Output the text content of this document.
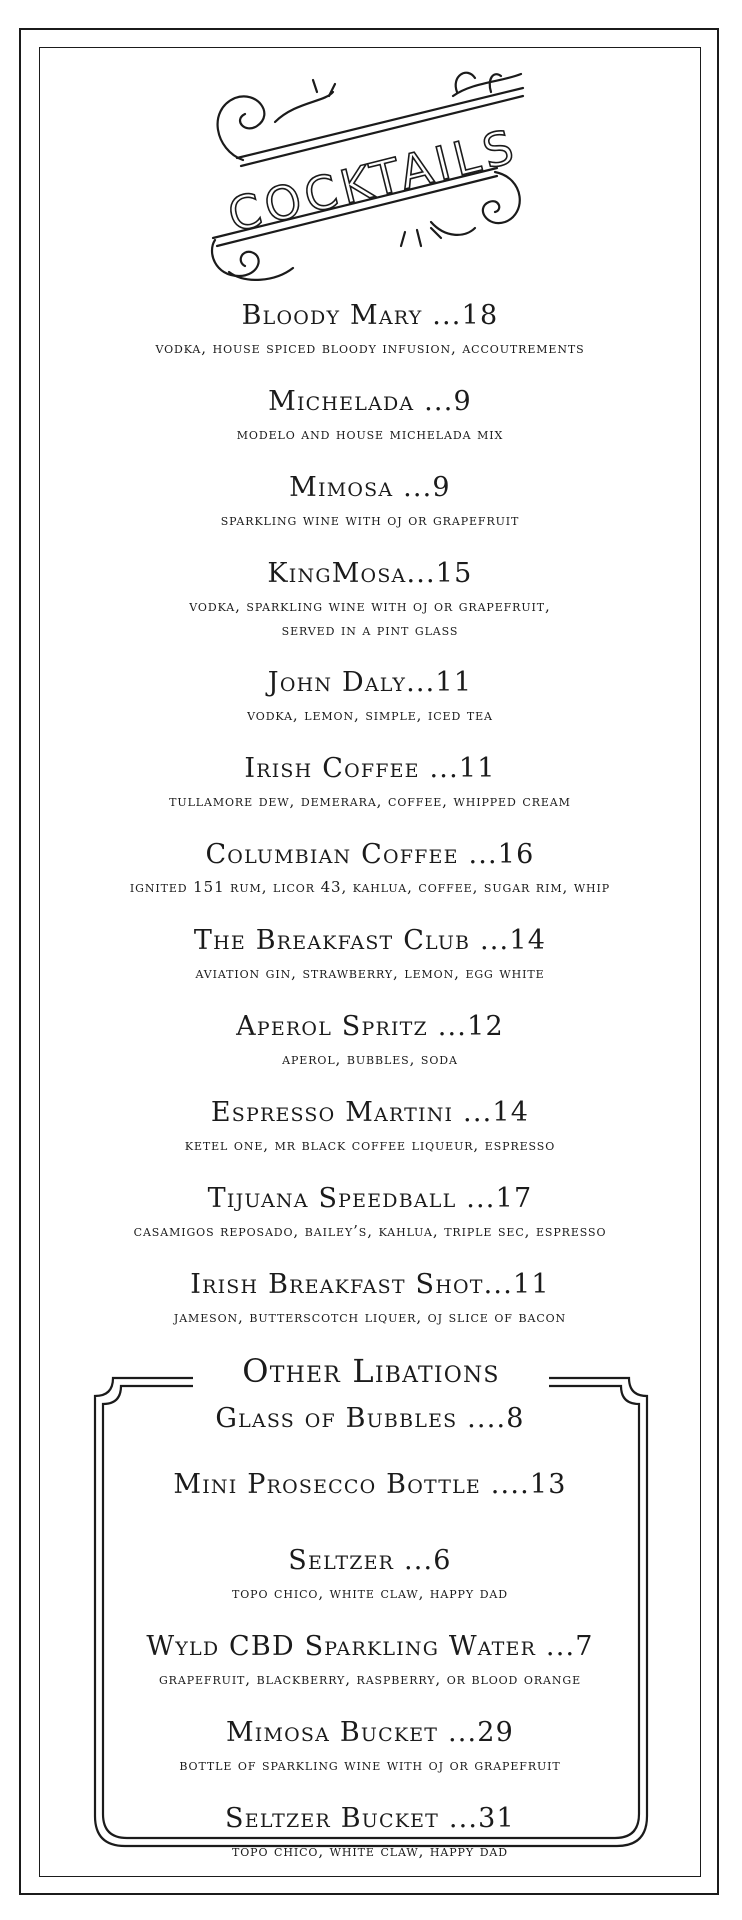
COCKTAILS
Bloody Mary ...18

vodka, house spiced bloody infusion, accoutrements

Michelada ...9

modelo and house michelada mix

Mimosa ...9

sparkling wine with oj or grapefruit

KingMosa...15

vodka, sparkling wine with oj or grapefruit,

served in a pint glass

John Daly...11

vodka, lemon, simple, iced tea

Irish Coffee ...11

tullamore dew, demerara, coffee, whipped cream

Columbian Coffee ...16

ignited 151 rum, licor 43, kahlua, coffee, sugar rim, whip

The Breakfast Club ...14

aviation gin, strawberry, lemon, egg white

Aperol Spritz ...12

aperol, bubbles, soda

Espresso Martini ...14

ketel one, mr black coffee liqueur, espresso

Tijuana Speedball ...17

casamigos reposado, bailey’s, kahlua, triple sec, espresso

Irish Breakfast Shot...11

jameson, butterscotch liquer, oj slice of bacon

Other Libations
Glass of Bubbles ....8
Mini Prosecco Bottle ....13
Seltzer ...6

topo chico, white claw, happy dad

Wyld CBD Sparkling Water ...7

grapefruit, blackberry, raspberry, or blood orange

Mimosa Bucket ...29

bottle of sparkling wine with oj or grapefruit

Seltzer Bucket ...31

topo chico, white claw, happy dad
